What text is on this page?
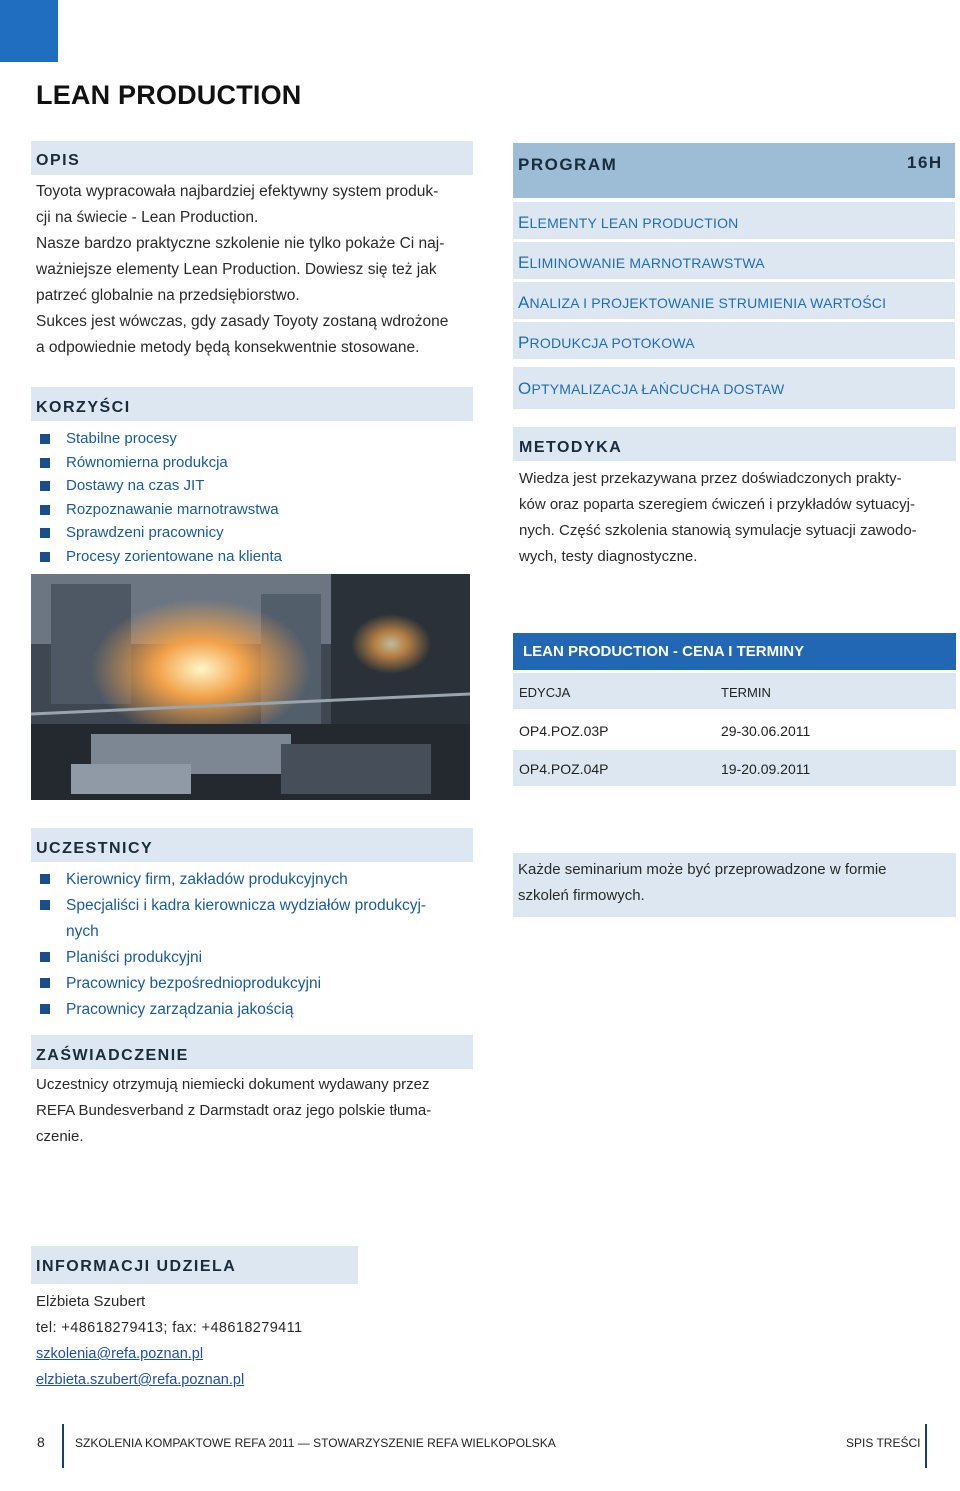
LEAN PRODUCTION
OPIS
Toyota wypracowała najbardziej efektywny system produk-
cji na świecie - Lean Production.
Nasze bardzo praktyczne szkolenie nie tylko pokaże Ci naj-
ważniejsze elementy Lean Production. Dowiesz się też jak
patrzeć globalnie na przedsiębiorstwo.
Sukces jest wówczas, gdy zasady Toyoty zostaną wdrożone
a odpowiednie metody będą konsekwentnie stosowane.
KORZYŚCI
Stabilne procesy
Równomierna produkcja
Dostawy na czas JIT
Rozpoznawanie marnotrawstwa
Sprawdzeni pracownicy
Procesy zorientowane na klienta
PROGRAM	16H
ELEMENTY LEAN PRODUCTION
ELIMINOWANIE MARNOTRAWSTWA
ANALIZA I PROJEKTOWANIE STRUMIENIA WARTOŚCI
PRODUKCJA POTOKOWA
OPTYMALIZACJA ŁAŃCUCHA DOSTAW
METODYKA
Wiedza jest przekazywana przez doświadczonych prakty-
ków oraz poparta szeregiem ćwiczeń i przykładów sytuacyj-
nych. Część szkolenia stanowią symulacje sytuacji zawodo-
wych, testy diagnostyczne.
LEAN PRODUCTION - CENA I TERMINY
EDYCJA	TERMIN
OP4.POZ.03P	29-30.06.2011
OP4.POZ.04P	19-20.09.2011
UCZESTNICY
Kierownicy firm, zakładów produkcyjnych
Specjaliści i kadra kierownicza wydziałów produkcyj-
nych
Planiści produkcyjni
Pracownicy bezpośrednioprodukcyjni
Pracownicy zarządzania jakością
Każde seminarium może być przeprowadzone w formie
szkoleń firmowych.
ZAŚWIADCZENIE
Uczestnicy otrzymują niemiecki dokument wydawany przez
REFA Bundesverband z Darmstadt oraz jego polskie tłuma-
czenie.
INFORMACJI UDZIELA
Elżbieta Szubert
tel: +48618279413; fax: +48618279411
szkolenia@refa.poznan.pl
elzbieta.szubert@refa.poznan.pl
8	SZKOLENIA KOMPAKTOWE REFA 2011 — STOWARZYSZENIE REFA WIELKOPOLSKA	SPIS TREŚCI
